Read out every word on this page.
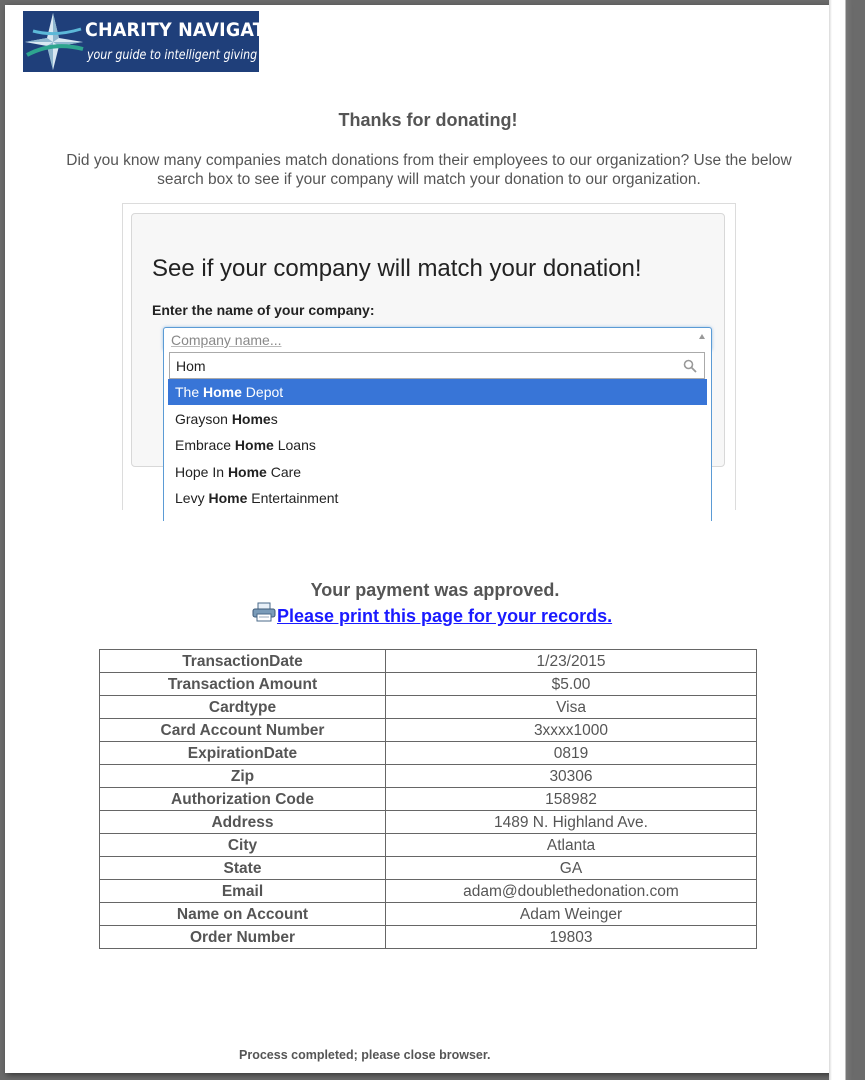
CHARITY NAVIGATOR
your guide to intelligent giving
Thanks for donating!
Did you know many companies match donations from their employees to our organization? Use the below search box to see if your company will match your donation to our organization.
See if your company will match your donation!
Enter the name of your company:
Company name...
Hom
The Home Depot
Grayson Homes
Embrace Home Loans
Hope In Home Care
Levy Home Entertainment
Your payment was approved.
Please print this page for your records.
TransactionDate	1/23/2015
Transaction Amount	$5.00
Cardtype	Visa
Card Account Number	3xxxx1000
ExpirationDate	0819
Zip	30306
Authorization Code	158982
Address	1489 N. Highland Ave.
City	Atlanta
State	GA
Email	adam@doublethedonation.com
Name on Account	Adam Weinger
Order Number	19803
Process completed; please close browser.
